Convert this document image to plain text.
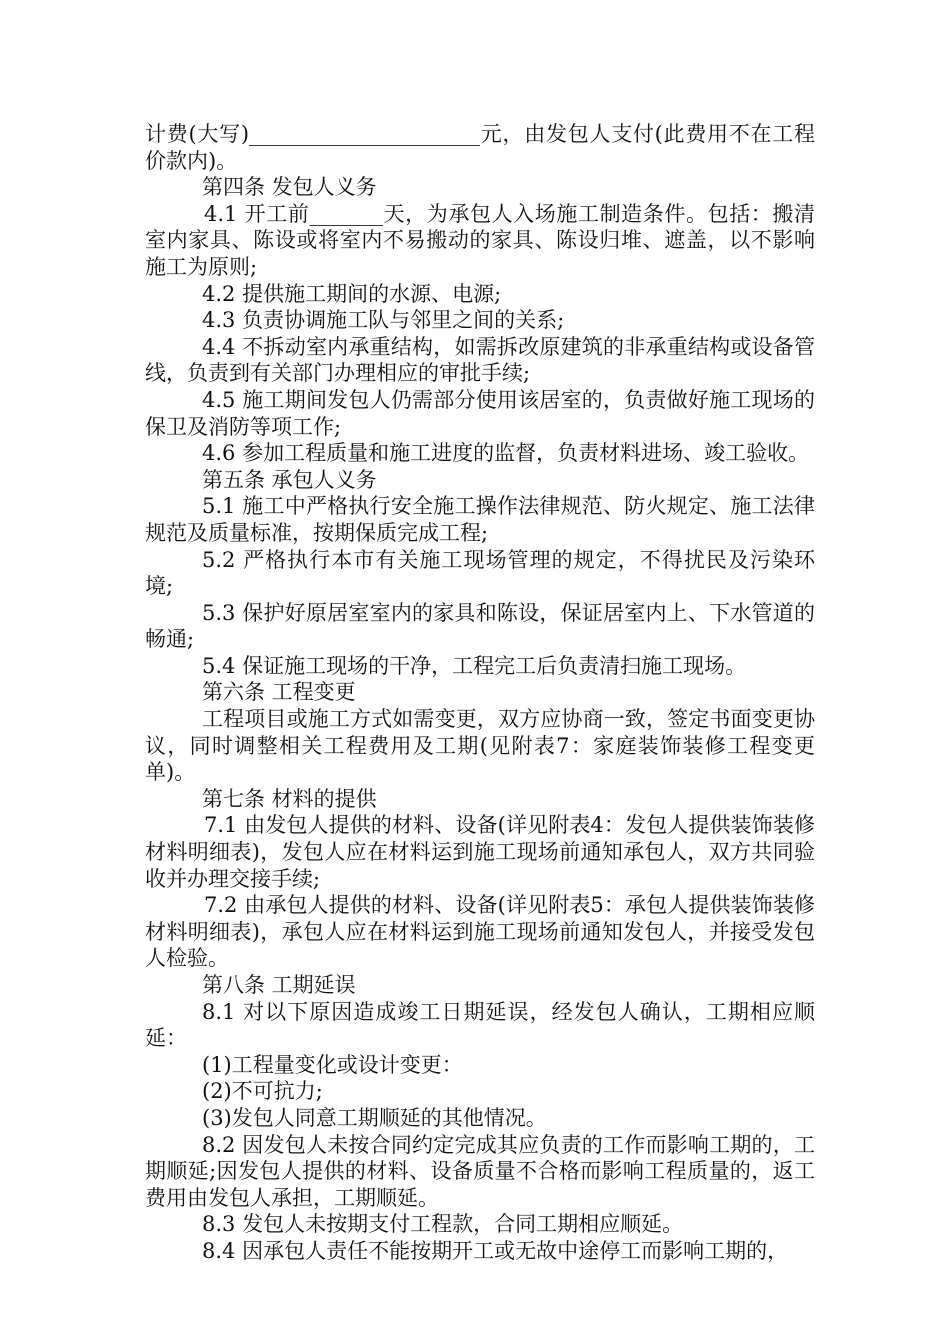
计费(大写)______________________元，由发包人支付(此费用不在工程价款内)。

第四条 发包人义务

4.1 开工前_______天，为承包人入场施工制造条件。包括：搬清室内家具、陈设或将室内不易搬动的家具、陈设归堆、遮盖，以不影响施工为原则;

4.2 提供施工期间的水源、电源;

4.3 负责协调施工队与邻里之间的关系;

4.4 不拆动室内承重结构，如需拆改原建筑的非承重结构或设备管线，负责到有关部门办理相应的审批手续;

4.5 施工期间发包人仍需部分使用该居室的，负责做好施工现场的保卫及消防等项工作;

4.6 参加工程质量和施工进度的监督，负责材料进场、竣工验收。

第五条 承包人义务

5.1 施工中严格执行安全施工操作法律规范、防火规定、施工法律规范及质量标准，按期保质完成工程;

5.2 严格执行本市有关施工现场管理的规定，不得扰民及污染环境;

5.3 保护好原居室室内的家具和陈设，保证居室内上、下水管道的畅通;

5.4 保证施工现场的干净，工程完工后负责清扫施工现场。

第六条 工程变更

工程项目或施工方式如需变更，双方应协商一致，签定书面变更协议，同时调整相关工程费用及工期(见附表7：家庭装饰装修工程变更单)。

第七条 材料的提供

7.1 由发包人提供的材料、设备(详见附表4：发包人提供装饰装修材料明细表)，发包人应在材料运到施工现场前通知承包人，双方共同验收并办理交接手续;

7.2 由承包人提供的材料、设备(详见附表5：承包人提供装饰装修材料明细表)，承包人应在材料运到施工现场前通知发包人，并接受发包人检验。

第八条 工期延误

8.1 对以下原因造成竣工日期延误，经发包人确认，工期相应顺延：

(1)工程量变化或设计变更：

(2)不可抗力;

(3)发包人同意工期顺延的其他情况。

8.2 因发包人未按合同约定完成其应负责的工作而影响工期的，工期顺延;因发包人提供的材料、设备质量不合格而影响工程质量的，返工费用由发包人承担，工期顺延。

8.3 发包人未按期支付工程款，合同工期相应顺延。

8.4 因承包人责任不能按期开工或无故中途停工而影响工期的，
